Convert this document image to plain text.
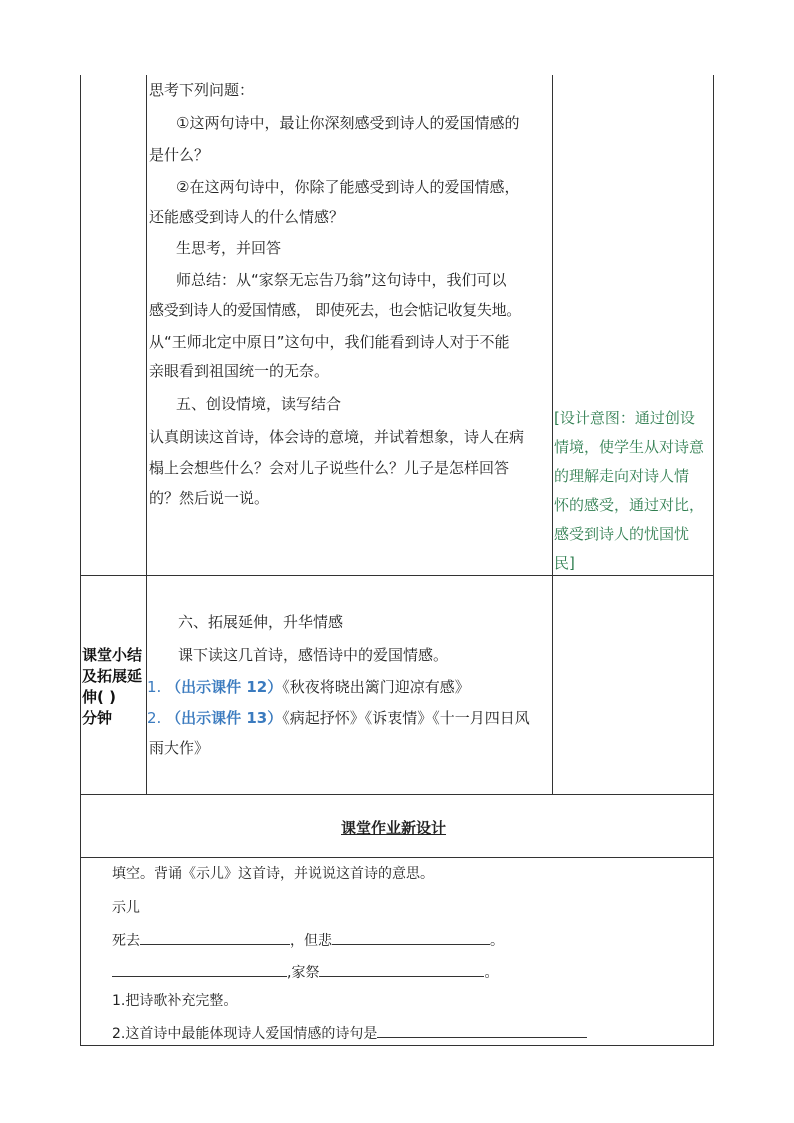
思考下列问题：
①这两句诗中，最让你深刻感受到诗人的爱国情感的
是什么？
②在这两句诗中，你除了能感受到诗人的爱国情感，
还能感受到诗人的什么情感？
生思考，并回答
师总结：从“家祭无忘告乃翁”这句诗中，我们可以
感受到诗人的爱国情感， 即使死去，也会惦记收复失地。
从“王师北定中原日”这句中，我们能看到诗人对于不能
亲眼看到祖国统一的无奈。
五、创设情境，读写结合
认真朗读这首诗，体会诗的意境，并试着想象，诗人在病
榻上会想些什么？会对儿子说些什么？儿子是怎样回答
的？然后说一说。
[设计意图：通过创设
情境，使学生从对诗意
的理解走向对诗人情
怀的感受，通过对比，
感受到诗人的忧国忧
民]
课堂小结
及拓展延
伸( )
分钟
六、拓展延伸，升华情感
课下读这几首诗，感悟诗中的爱国情感。
1. （出示课件 12）《秋夜将晓出篱门迎凉有感》
2. （出示课件 13）《病起抒怀》《诉衷情》《十一月四日风
雨大作》
课堂作业新设计
填空。背诵《示儿》这首诗，并说说这首诗的意思。
示儿
死去	，但悲	。
,家祭	。
1.把诗歌补充完整。
2.这首诗中最能体现诗人爱国情感的诗句是
